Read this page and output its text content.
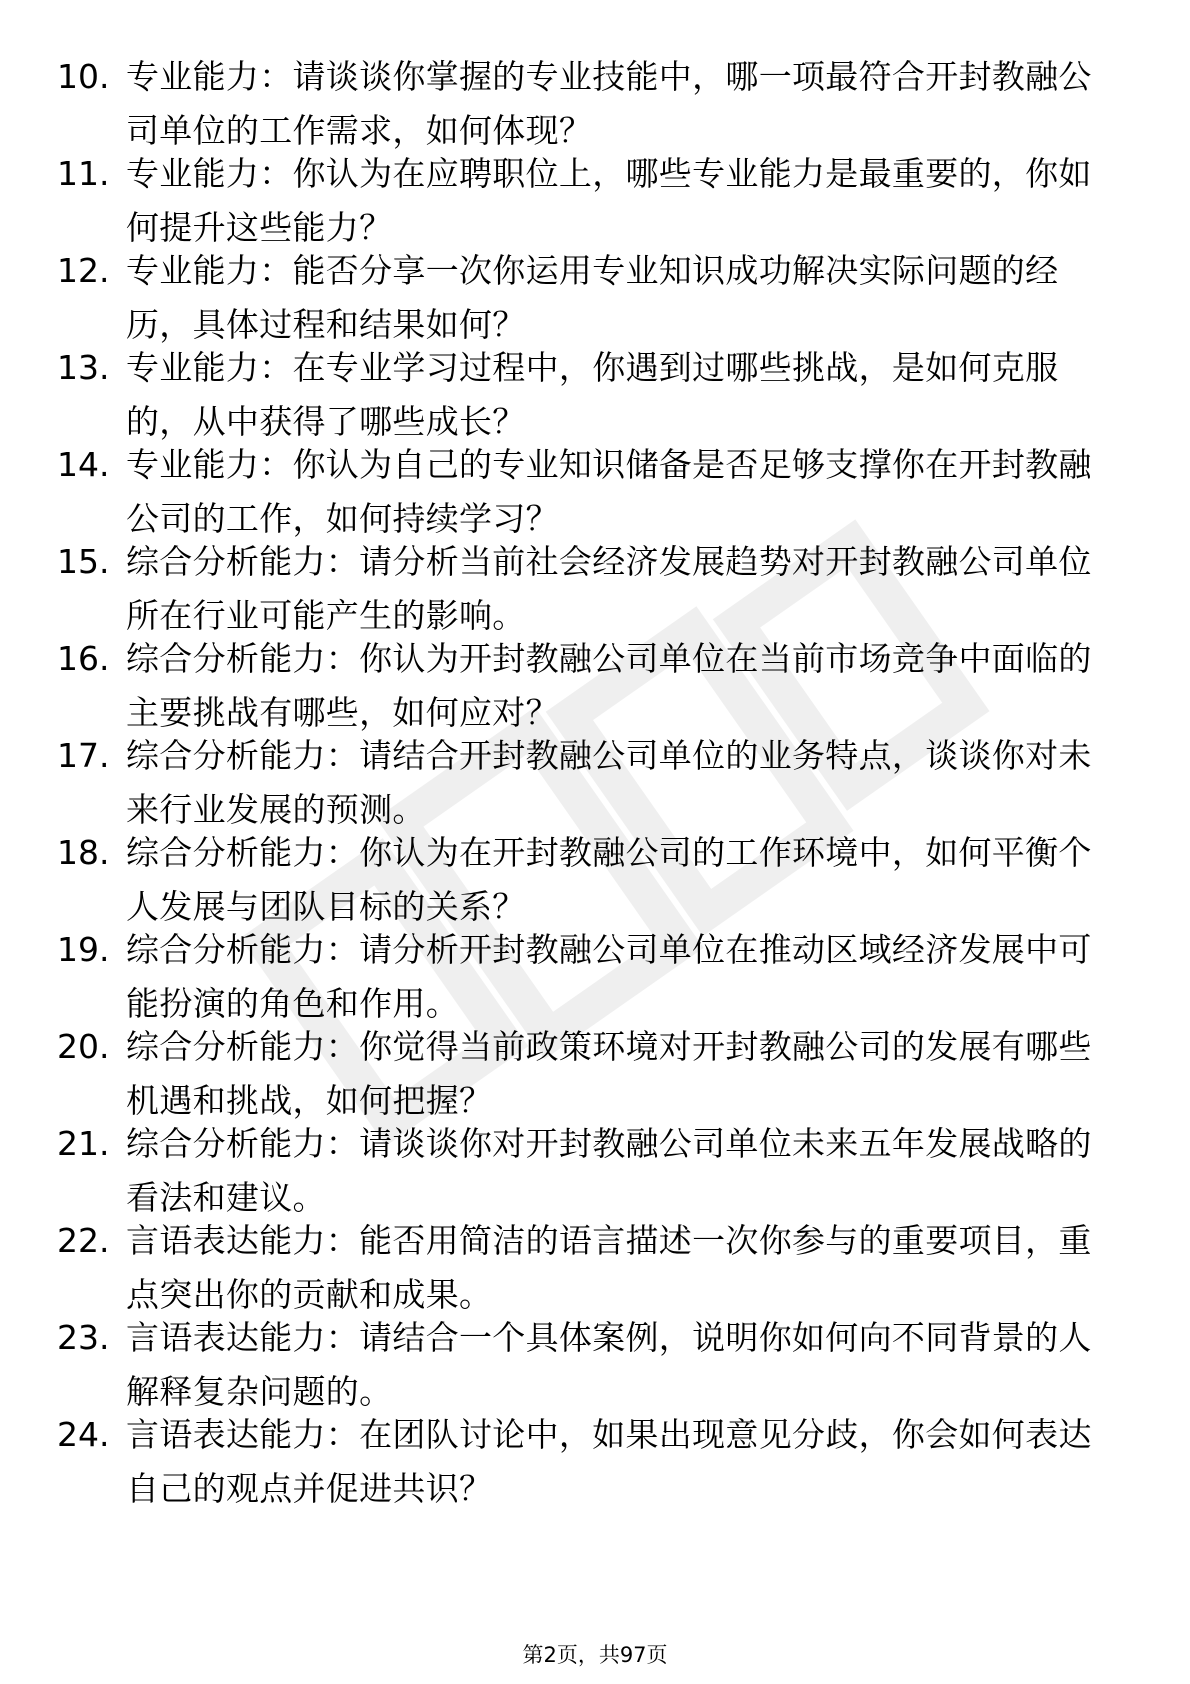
1. 10. 专业能力：请谈谈你掌握的专业技能中，哪一项最符合开封教融公司单位的工作需求，如何体现？
2. 11. 专业能力：你认为在应聘职位上，哪些专业能力是最重要的，你如何提升这些能力？
3. 12. 专业能力：能否分享一次你运用专业知识成功解决实际问题的经历，具体过程和结果如何？
4. 13. 专业能力：在专业学习过程中，你遇到过哪些挑战，是如何克服的，从中获得了哪些成长？
5. 14. 专业能力：你认为自己的专业知识储备是否足够支撑你在开封教融公司的工作，如何持续学习？
6. 15. 综合分析能力：请分析当前社会经济发展趋势对开封教融公司单位所在行业可能产生的影响。
7. 16. 综合分析能力：你认为开封教融公司单位在当前市场竞争中面临的主要挑战有哪些，如何应对？
8. 17. 综合分析能力：请结合开封教融公司单位的业务特点，谈谈你对未来行业发展的预测。
9. 18. 综合分析能力：你认为在开封教融公司的工作环境中，如何平衡个人发展与团队目标的关系？
10. 19. 综合分析能力：请分析开封教融公司单位在推动区域经济发展中可能扮演的角色和作用。
11. 20. 综合分析能力：你觉得当前政策环境对开封教融公司的发展有哪些机遇和挑战，如何把握？
12. 21. 综合分析能力：请谈谈你对开封教融公司单位未来五年发展战略的看法和建议。
13. 22. 言语表达能力：能否用简洁的语言描述一次你参与的重要项目，重点突出你的贡献和成果。
14. 23. 言语表达能力：请结合一个具体案例，说明你如何向不同背景的人解释复杂问题的。
15. 24. 言语表达能力：在团队讨论中，如果出现意见分歧，你会如何表达自己的观点并促进共识？
第2页，共97页
